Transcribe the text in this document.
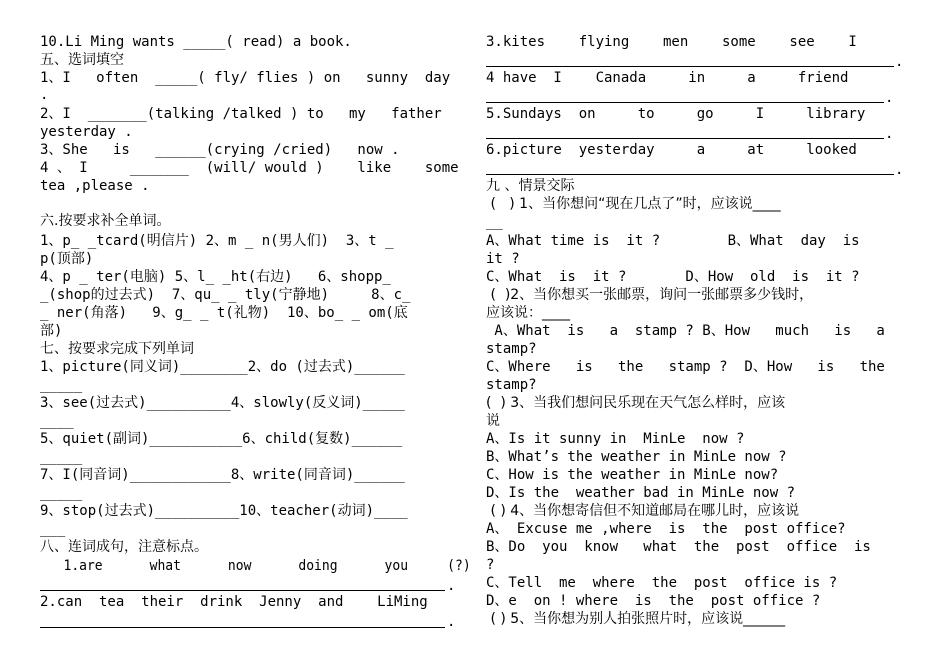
10.Li Ming wants _____( read) a book.
五、选词填空
1、I   often  _____( fly/ flies ) on   sunny  day
.
2、I  _______(talking /talked ) to   my   father
yesterday .
3、She   is   ______(crying /cried)   now .
4 、 I     _______  (will/ would )    like    some
tea ,please .
六.按要求补全单词。
1、p_ _tcard(明信片) 2、m _ n(男人们)  3、t _
p(顶部)
4、p _ ter(电脑) 5、l_ _ht(右边)   6、shopp_
_(shop的过去式)  7、qu_ _ tly(宁静地)     8、c_
_ ner(角落)   9、g_ _ t(礼物)  10、bo_ _ om(底
部)
七、按要求完成下列单词
1、picture(同义词)________2、do (过去式)______
_____
3、see(过去式)__________4、slowly(反义词)_____
____
5、quiet(副词)___________6、child(复数)______
_____
7、I(同音词)____________8、write(同音词)______
_____
9、stop(过去式)__________10、teacher(动词)____
___
八、连词成句，注意标点。
1.are      what      now      doing      you     (?)
.
2.can  tea  their  drink  Jenny  and    LiMing
.
3.kites    flying    men    some    see    I
.
4 have  I    Canada     in     a     friend
.
5.Sundays  on     to     go     I     library
.
6.picture  yesterday     a     at     looked
.
九 、情景交际
(   ) 1、当你想问“现在几点了”时，应该说____
__
A、What time is  it ?        B、What  day  is
it ?
C、What  is  it ?       D、How  old  is  it ?
(  )2、当你想买一张邮票，询问一张邮票多少钱时，
应该说：____
A、What  is   a  stamp ? B、How   much   is   a
stamp?
C、Where   is   the   stamp ?  D、How   is   the
stamp?
(  ) 3、当我们想问民乐现在天气怎么样时，应该
说
A、Is it sunny in  MinLe  now ?
B、What’s the weather in MinLe now ?
C、How is the weather in MinLe now?
D、Is the  weather bad in MinLe now ?
( ) 4、当你想寄信但不知道邮局在哪儿时，应该说
A、 Excuse me ,where  is  the  post office?
B、Do  you  know   what  the  post  office  is
?
C、Tell  me  where  the  post  office is ?
D、e  on ! where  is  the  post office ?
( ) 5、当你想为别人拍张照片时，应该说______
